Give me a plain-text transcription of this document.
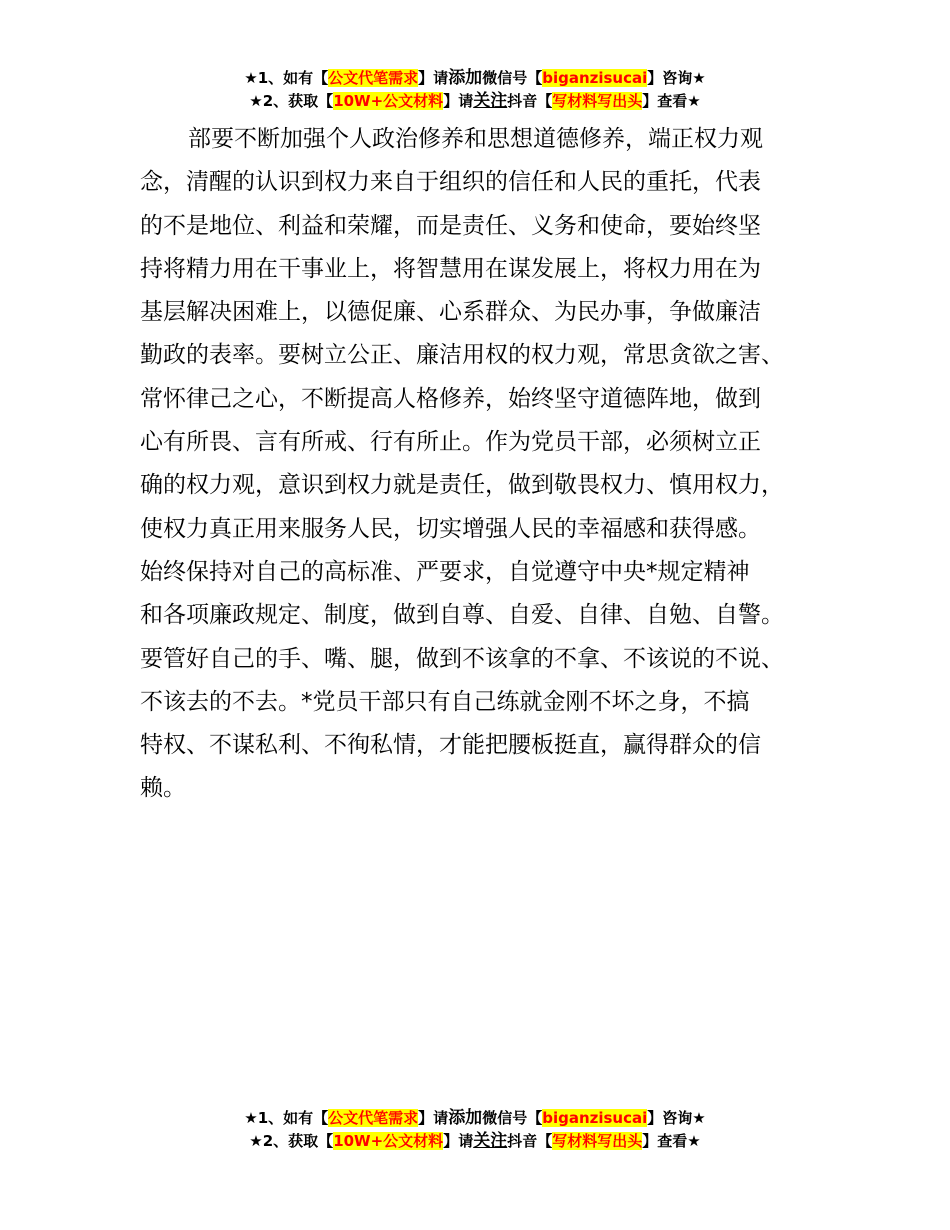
★1、如有【公文代笔需求】请添加微信号【biganzisucai】咨询★
★2、获取【10W+公文材料】请关注抖音【写材料写出头】查看★
部要不断加强个人政治修养和思想道德修养，端正权力观
念，清醒的认识到权力来自于组织的信任和人民的重托，代表
的不是地位、利益和荣耀，而是责任、义务和使命，要始终坚
持将精力用在干事业上，将智慧用在谋发展上，将权力用在为
基层解决困难上，以德促廉、心系群众、为民办事，争做廉洁
勤政的表率。要树立公正、廉洁用权的权力观，常思贪欲之害、
常怀律己之心，不断提高人格修养，始终坚守道德阵地，做到
心有所畏、言有所戒、行有所止。作为党员干部，必须树立正
确的权力观，意识到权力就是责任，做到敬畏权力、慎用权力，
使权力真正用来服务人民，切实增强人民的幸福感和获得感。
始终保持对自己的高标准、严要求，自觉遵守中央*规定精神
和各项廉政规定、制度，做到自尊、自爱、自律、自勉、自警。
要管好自己的手、嘴、腿，做到不该拿的不拿、不该说的不说、
不该去的不去。*党员干部只有自己练就金刚不坏之身，不搞
特权、不谋私利、不徇私情，才能把腰板挺直，赢得群众的信
赖。
★1、如有【公文代笔需求】请添加微信号【biganzisucai】咨询★
★2、获取【10W+公文材料】请关注抖音【写材料写出头】查看★
